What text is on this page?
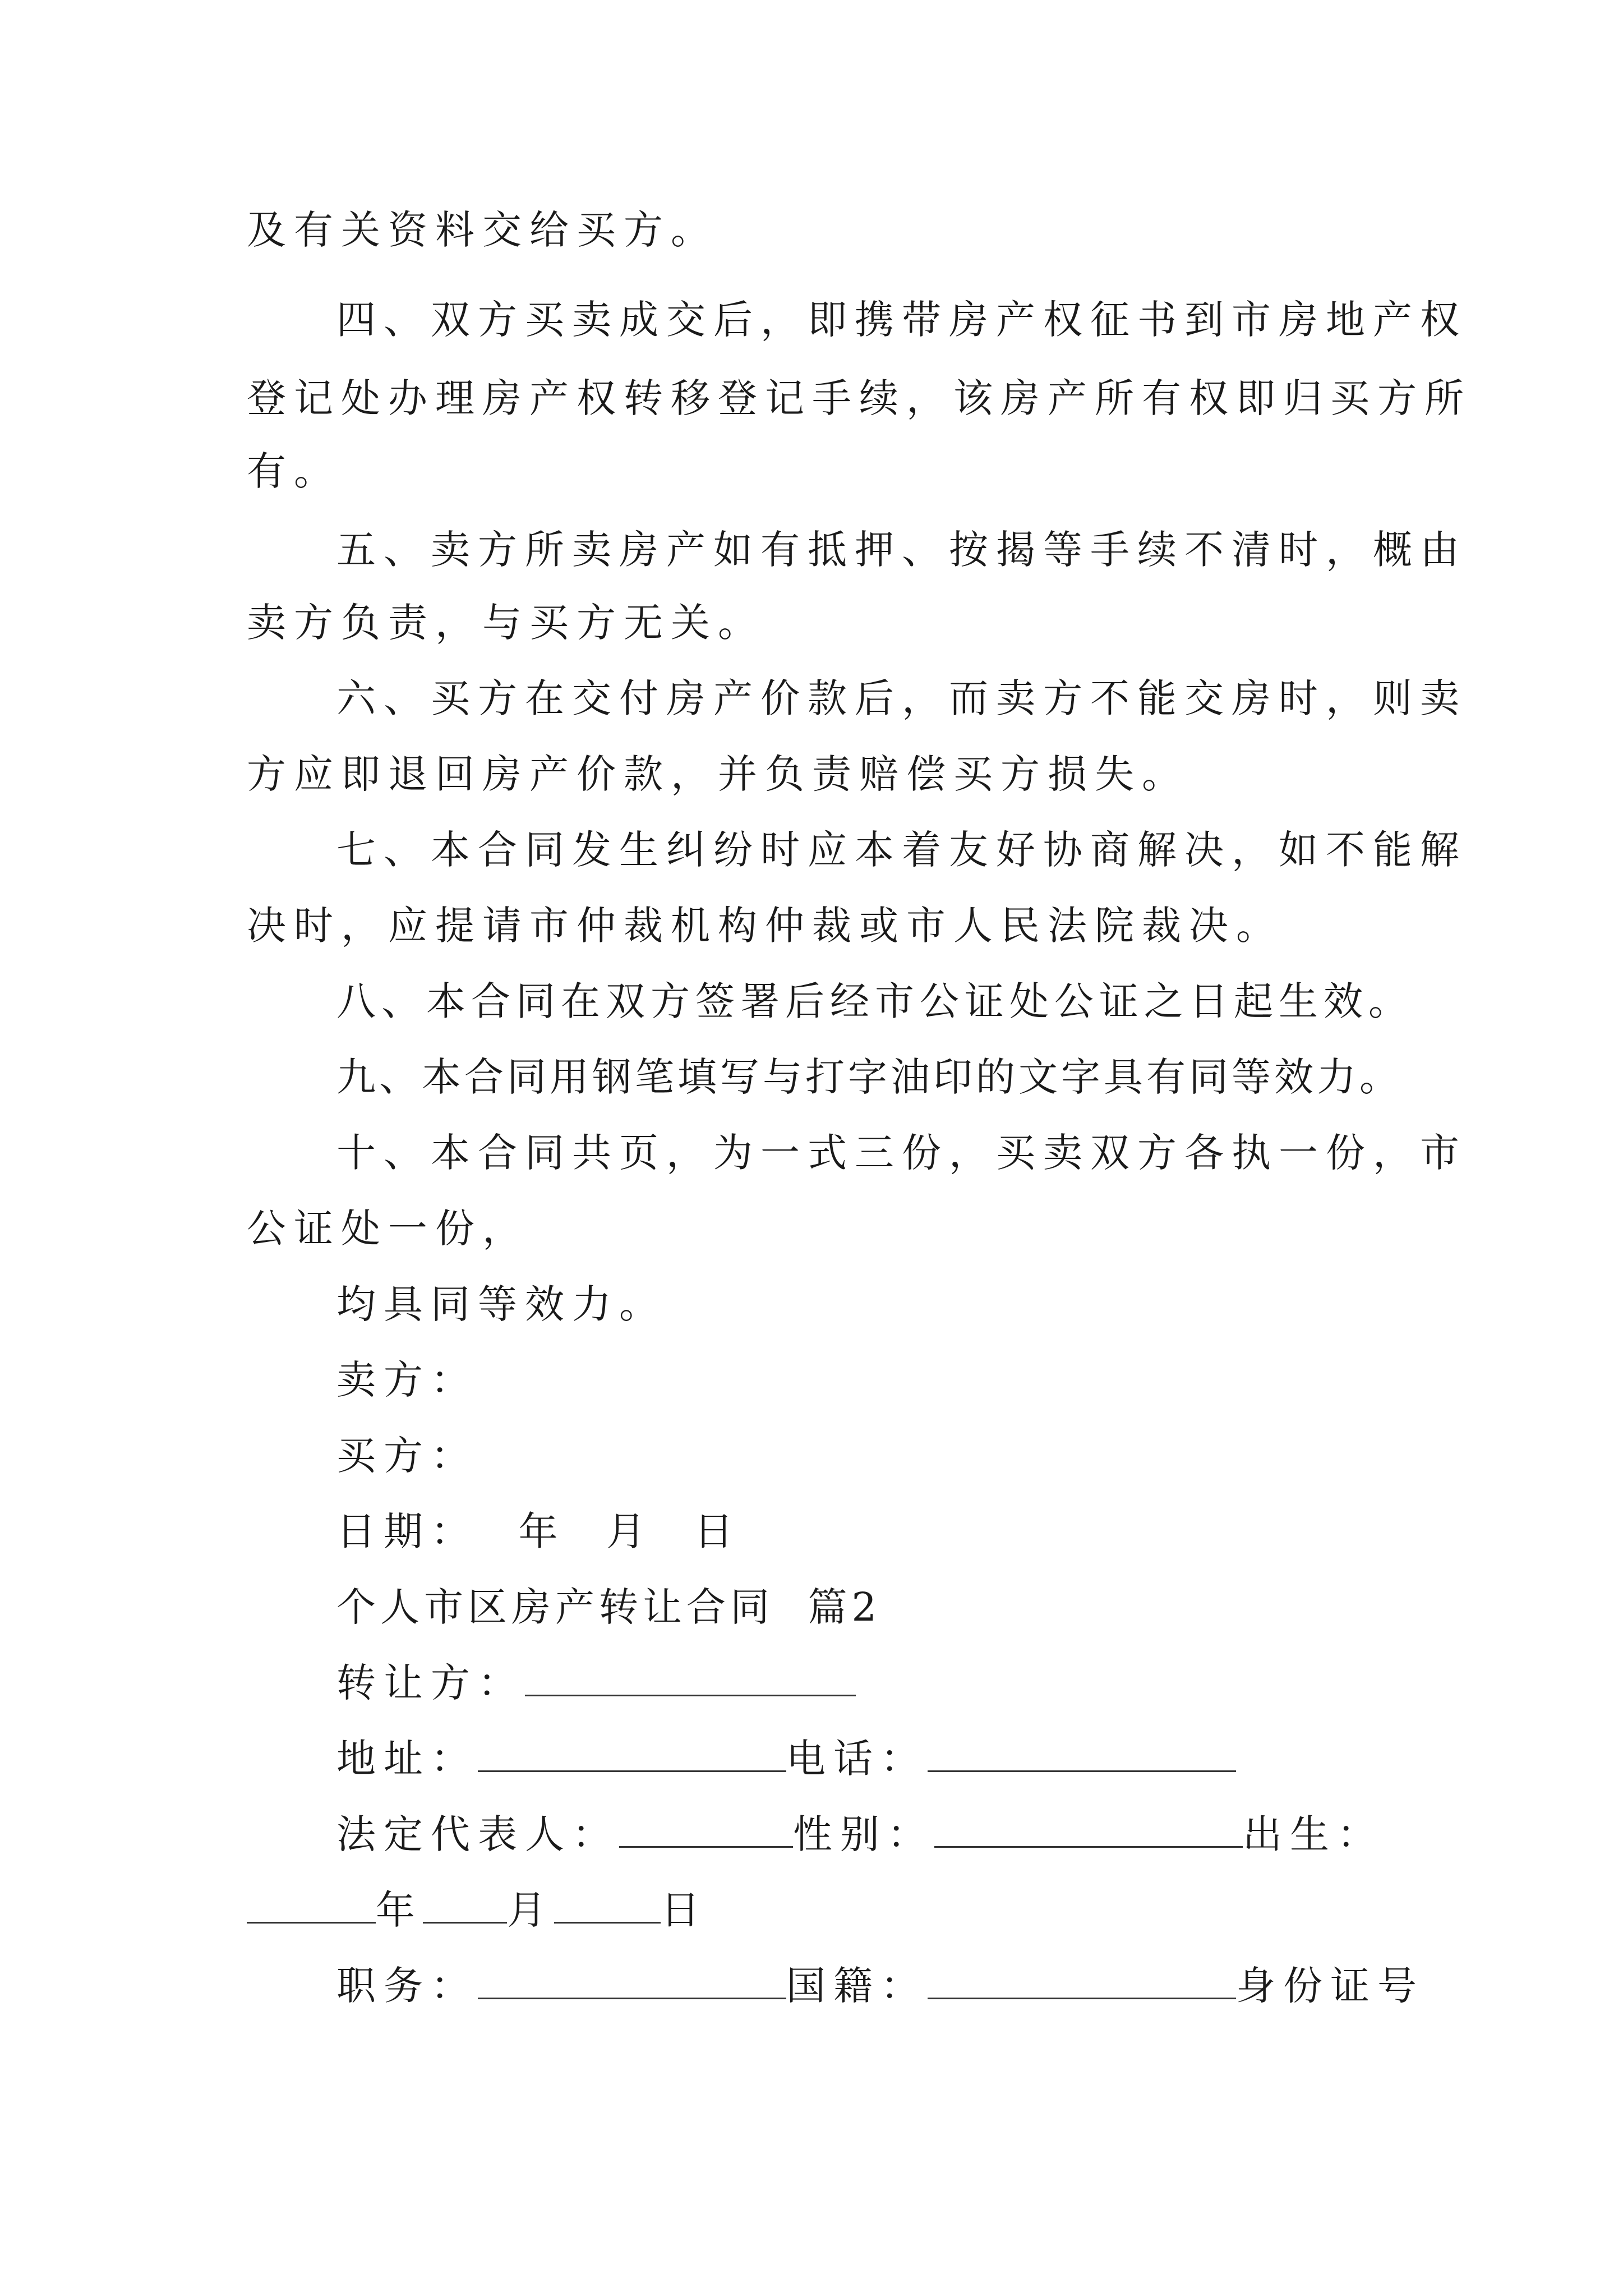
及有关资料交给买方。
四、双方买卖成交后，即携带房产权征书到市房地产权
登记处办理房产权转移登记手续，该房产所有权即归买方所
有。
五、卖方所卖房产如有抵押、按揭等手续不清时，概由
卖方负责，与买方无关。
六、买方在交付房产价款后，而卖方不能交房时，则卖
方应即退回房产价款，并负责赔偿买方损失。
七、本合同发生纠纷时应本着友好协商解决，如不能解
决时，应提请市仲裁机构仲裁或市人民法院裁决。
八、本合同在双方签署后经市公证处公证之日起生效。
九、本合同用钢笔填写与打字油印的文字具有同等效力。
十、本合同共页，为一式三份，买卖双方各执一份，市
公证处一份，
均具同等效力。
卖方：
买方：
日期：  年  月  日
个人市区房产转让合同  篇2
转让方：
地址：	电话：
法定代表人：	性别：	出生：
年 月	日
职务：	国籍：	身份证号
